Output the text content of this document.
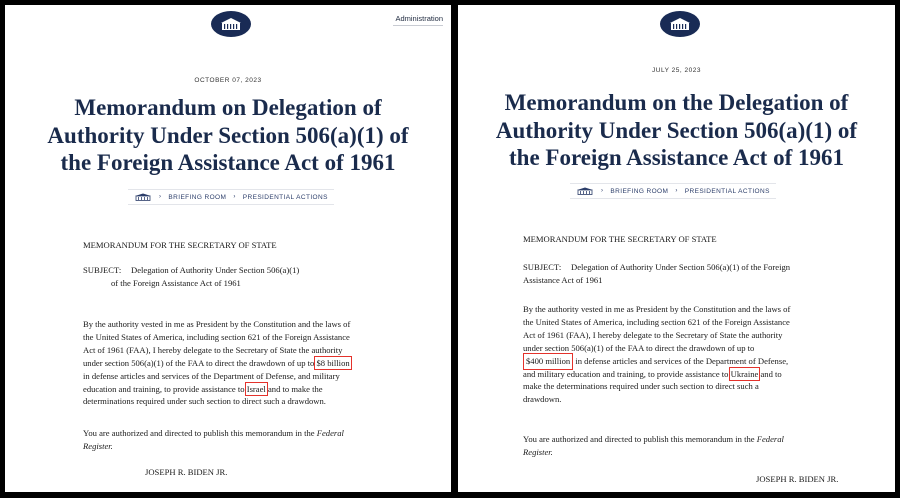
Administration
OCTOBER 07, 2023
Memorandum on Delegation of
Authority Under Section 506(a)(1) of
the Foreign Assistance Act of 1961
› BRIEFING ROOM › PRESIDENTIAL ACTIONS
MEMORANDUM FOR THE SECRETARY OF STATE
SUBJECT: Delegation of Authority Under Section 506(a)(1)
of the Foreign Assistance Act of 1961
By the authority vested in me as President by the Constitution and the laws of
the United States of America, including section 621 of the Foreign Assistance
Act of 1961 (FAA), I hereby delegate to the Secretary of State the authority
under section 506(a)(1) of the FAA to direct the drawdown of up to $8 billion
in defense articles and services of the Department of Defense, and military
education and training, to provide assistance to Israel and to make the
determinations required under such section to direct such a drawdown.
You are authorized and directed to publish this memorandum in the Federal
Register.
JOSEPH R. BIDEN JR.
JULY 25, 2023
Memorandum on the Delegation of
Authority Under Section 506(a)(1) of
the Foreign Assistance Act of 1961
› BRIEFING ROOM › PRESIDENTIAL ACTIONS
MEMORANDUM FOR THE SECRETARY OF STATE
SUBJECT: Delegation of Authority Under Section 506(a)(1) of the Foreign
Assistance Act of 1961
By the authority vested in me as President by the Constitution and the laws of
the United States of America, including section 621 of the Foreign Assistance
Act of 1961 (FAA), I hereby delegate to the Secretary of State the authority
under section 506(a)(1) of the FAA to direct the drawdown of up to
$400 million in defense articles and services of the Department of Defense,
and military education and training, to provide assistance to Ukraine and to
make the determinations required under such section to direct such a
drawdown.
You are authorized and directed to publish this memorandum in the Federal
Register.
JOSEPH R. BIDEN JR.
